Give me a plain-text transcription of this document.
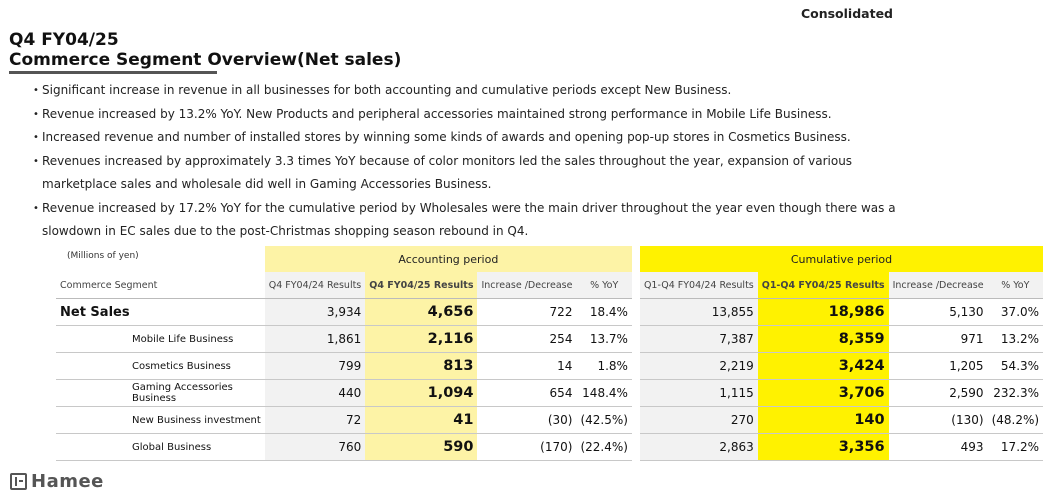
Consolidated
Q4 FY04/25
Commerce Segment Overview(Net sales)
• Significant increase in revenue in all businesses for both accounting and cumulative periods except New Business.
• Revenue increased by 13.2% YoY. New Products and peripheral accessories maintained strong performance in Mobile Life Business.
• Increased revenue and number of installed stores by winning some kinds of awards and opening pop-up stores in Cosmetics Business.
• Revenues increased by approximately 3.3 times YoY because of color monitors led the sales throughout the year, expansion of various marketplace sales and wholesale did well in Gaming Accessories Business.
• Revenue increased by 17.2% YoY for the cumulative period by Wholesales were the main driver throughout the year even though there was a slowdown in EC sales due to the post-Christmas shopping season rebound in Q4.
(Millions of yen)
		Accounting period					Cumulative period			
Commerce Segment	Q4 FY04/24 Results	Q4 FY04/25 Results	Increase /Decrease	% YoY		Q1-Q4 FY04/24 Results	Q1-Q4 FY04/25 Results	Increase /Decrease	% YoY
Net Sales	3,934	4,656	722	18.4%		13,855	18,986	5,130	37.0%
Mobile Life Business	1,861	2,116	254	13.7%		7,387	8,359	971	13.2%
Cosmetics Business	799	813	14	1.8%		2,219	3,424	1,205	54.3%
Gaming Accessories Business	440	1,094	654	148.4%		1,115	3,706	2,590	232.3%
New Business investment	72	41	(30)	(42.5%)		270	140	(130)	(48.2%)
Global Business	760	590	(170)	(22.4%)		2,863	3,356	493	17.2%
Hamee
